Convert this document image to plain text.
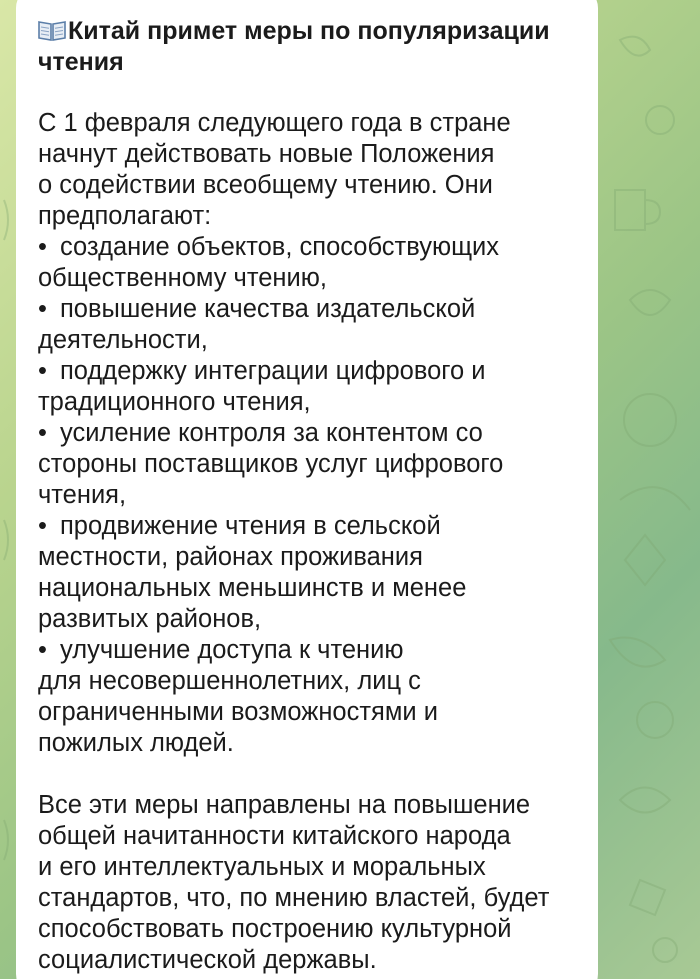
Китай примет меры по популяризации
чтения

С 1 февраля следующего года в стране
начнут действовать новые Положения
о содействии всеобщему чтению. Они
предполагают:

• создание объектов, способствующих
общественному чтению,
• повышение качества издательской
деятельности,
• поддержку интеграции цифрового и
традиционного чтения,
• усиление контроля за контентом со
стороны поставщиков услуг цифрового
чтения,
• продвижение чтения в сельской
местности, районах проживания
национальных меньшинств и менее
развитых районов,
• улучшение доступа к чтению
для несовершеннолетних, лиц с
ограниченными возможностями и
пожилых людей.

Все эти меры направлены на повышение
общей начитанности китайского народа
и его интеллектуальных и моральных
стандартов, что, по мнению властей, будет
способствовать построению культурной
социалистической державы.
